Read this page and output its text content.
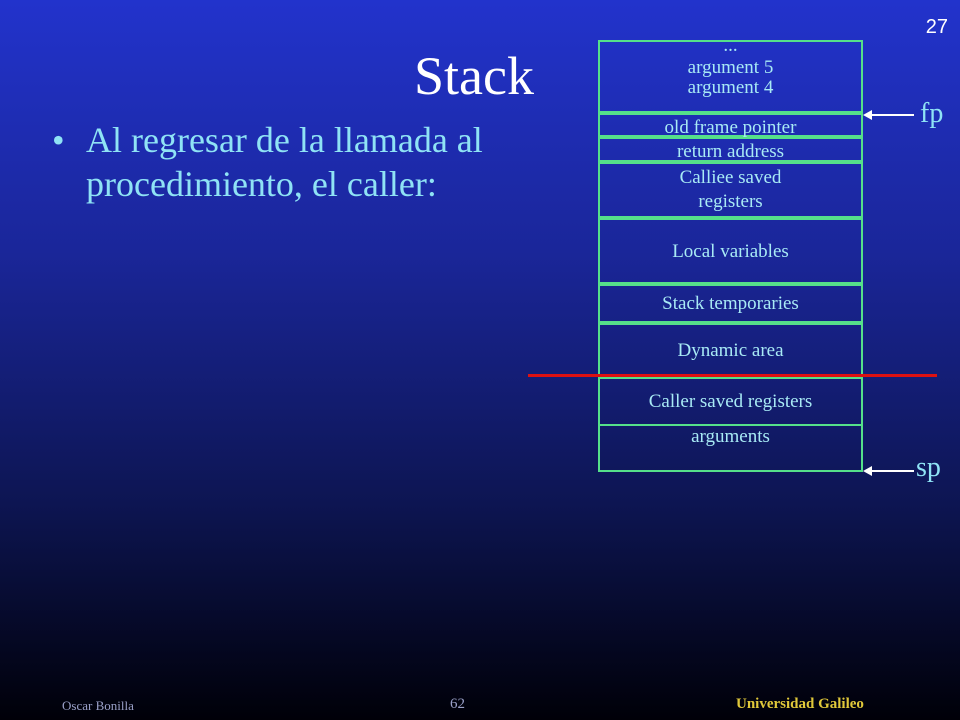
27
Stack
• Al regresar de la llamada al procedimiento, el caller:
...
argument 5
argument 4
old frame pointer
return address
Calliee saved
registers
Local variables
Stack temporaries
Dynamic area
Caller saved registers
arguments
fp
sp
Oscar Bonilla	62	Universidad Galileo
